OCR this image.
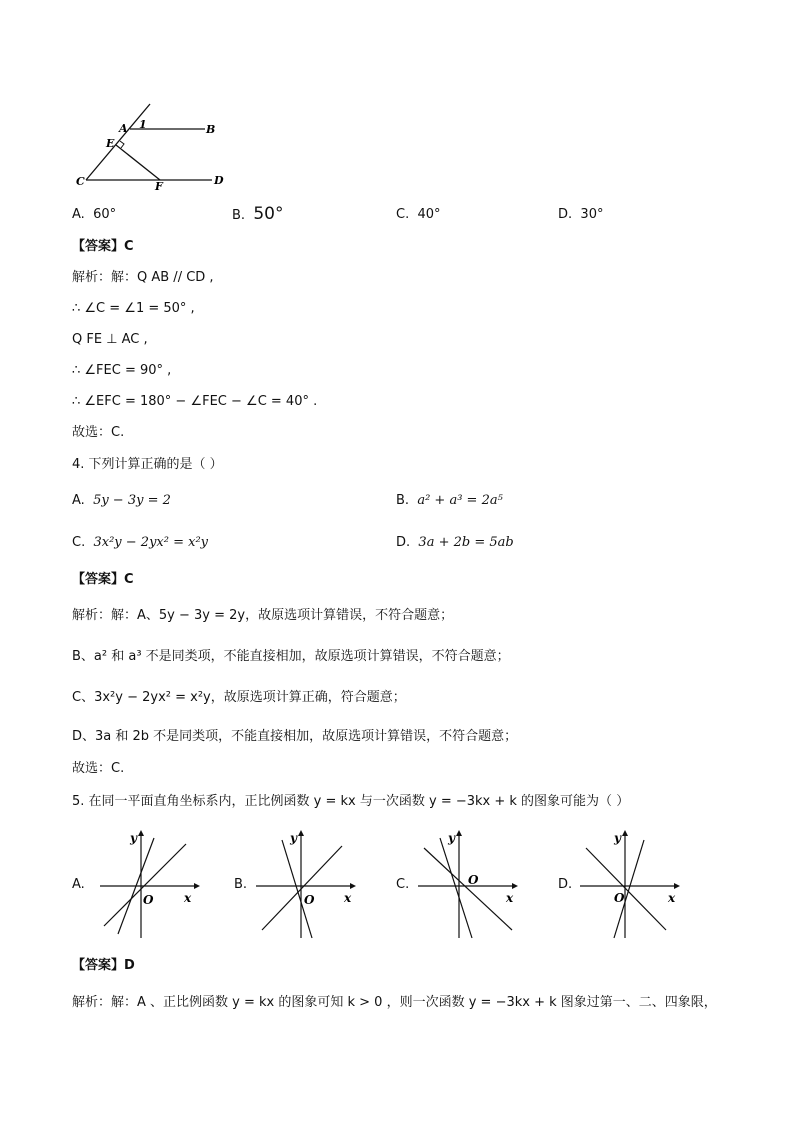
A 1	B
E
C	F	D
A. 60°	B. 50°	C. 40°	D. 30°
【答案】C
解析：解：Q AB // CD ,
∴ ∠C = ∠1 = 50° ,
Q FE ⊥ AC ,
∴ ∠FEC = 90° ,
∴ ∠EFC = 180° − ∠FEC − ∠C = 40° .
故选：C.
4. 下列计算正确的是（ ）
A. 5y − 3y = 2	B. a² + a³ = 2a⁵
C. 3x²y − 2yx² = x²y	D. 3a + 2b = 5ab
【答案】C
解析：解：A、5y − 3y = 2y，故原选项计算错误，不符合题意；
B、a² 和 a³ 不是同类项，不能直接相加，故原选项计算错误，不符合题意；
C、3x²y − 2yx² = x²y，故原选项计算正确，符合题意；
D、3a 和 2b 不是同类项，不能直接相加，故原选项计算错误，不符合题意；
故选：C.
5. 在同一平面直角坐标系内，正比例函数 y = kx 与一次函数 y = −3kx + k 的图象可能为（ ）
A.
y
O	x
B.
y
O x
C.
y
O
x
D.
y
O	x
【答案】D
解析：解：A 、正比例函数 y = kx 的图象可知 k > 0 ，则一次函数 y = −3kx + k 图象过第一、二、四象限，
